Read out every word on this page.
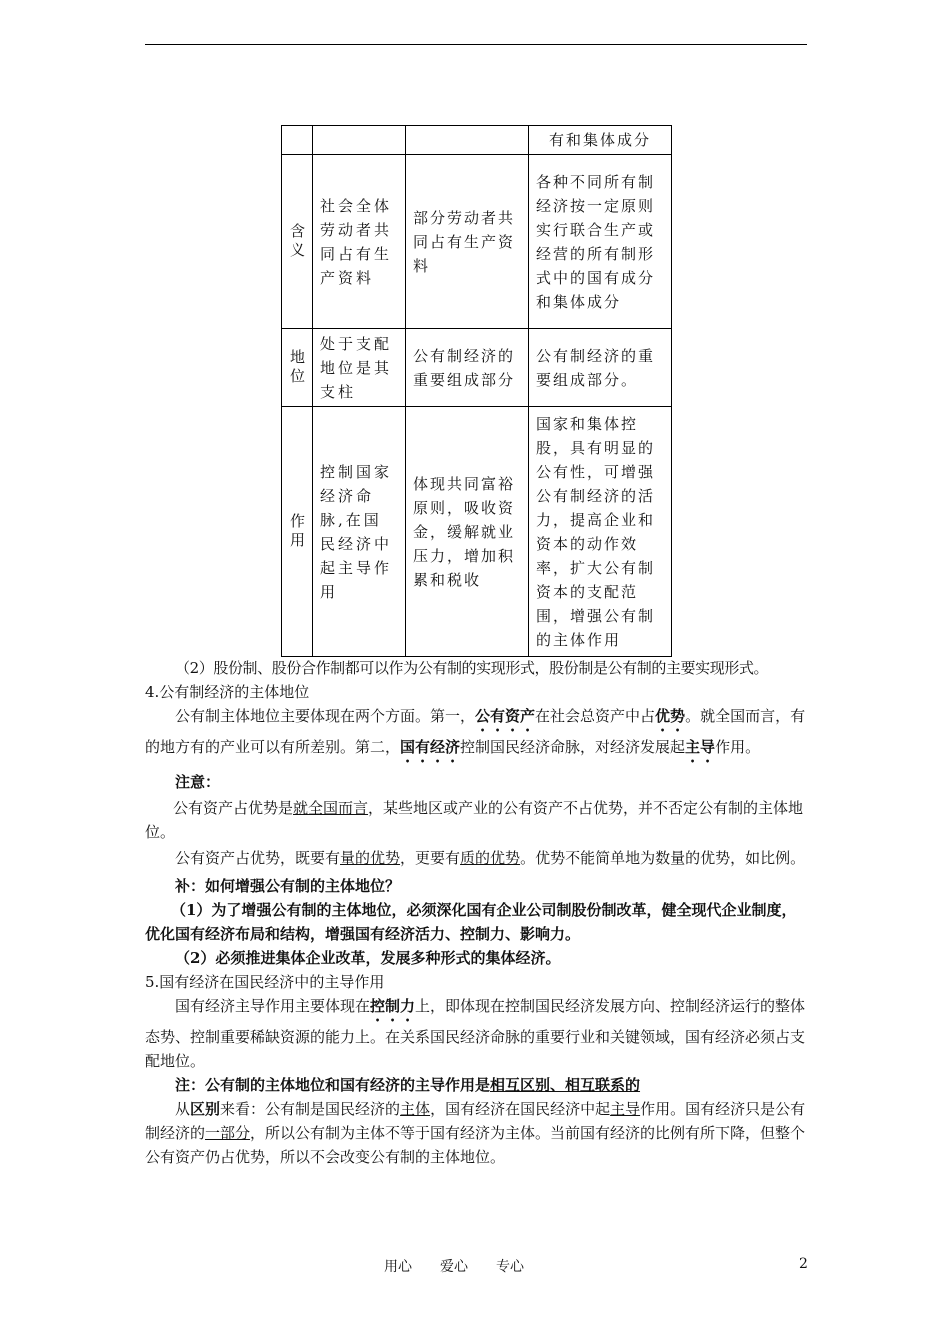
			有和集体成分
含义	社会全体劳动者共同占有生产资料	部分劳动者共同占有生产资料	各种不同所有制经济按一定原则实行联合生产或经营的所有制形式中的国有成分和集体成分
地位	处于支配地位是其支柱	公有制经济的重要组成部分	公有制经济的重要组成部分。
作用	控制国家经济命脉,在国民经济中起主导作用	体现共同富裕原则，吸收资金，缓解就业压力，增加积累和税收	国家和集体控股，具有明显的公有性，可增强公有制经济的活力，提高企业和资本的动作效率，扩大公有制资本的支配范围，增强公有制的主体作用

（2）股份制、股份合作制都可以作为公有制的实现形式，股份制是公有制的主要实现形式。

4.公有制经济的主体地位

公有制主体地位主要体现在两个方面。第一，公有资产在社会总资产中占优势。就全国而言，有的地方有的产业可以有所差别。第二，国有经济控制国民经济命脉，对经济发展起主导作用。

注意：

公有资产占优势是就全国而言，某些地区或产业的公有资产不占优势，并不否定公有制的主体地位。

公有资产占优势，既要有量的优势，更要有质的优势。优势不能简单地为数量的优势，如比例。

补：如何增强公有制的主体地位？

（1）为了增强公有制的主体地位，必须深化国有企业公司制股份制改革，健全现代企业制度，优化国有经济布局和结构，增强国有经济活力、控制力、影响力。

（2）必须推进集体企业改革，发展多种形式的集体经济。

5.国有经济在国民经济中的主导作用

国有经济主导作用主要体现在控制力上，即体现在控制国民经济发展方向、控制经济运行的整体态势、控制重要稀缺资源的能力上。在关系国民经济命脉的重要行业和关键领域，国有经济必须占支配地位。

注：公有制的主体地位和国有经济的主导作用是相互区别、相互联系的

从区别来看：公有制是国民经济的主体，国有经济在国民经济中起主导作用。国有经济只是公有制经济的一部分，所以公有制为主体不等于国有经济为主体。当前国有经济的比例有所下降，但整个公有资产仍占优势，所以不会改变公有制的主体地位。

用心　　爱心　　专心	2
